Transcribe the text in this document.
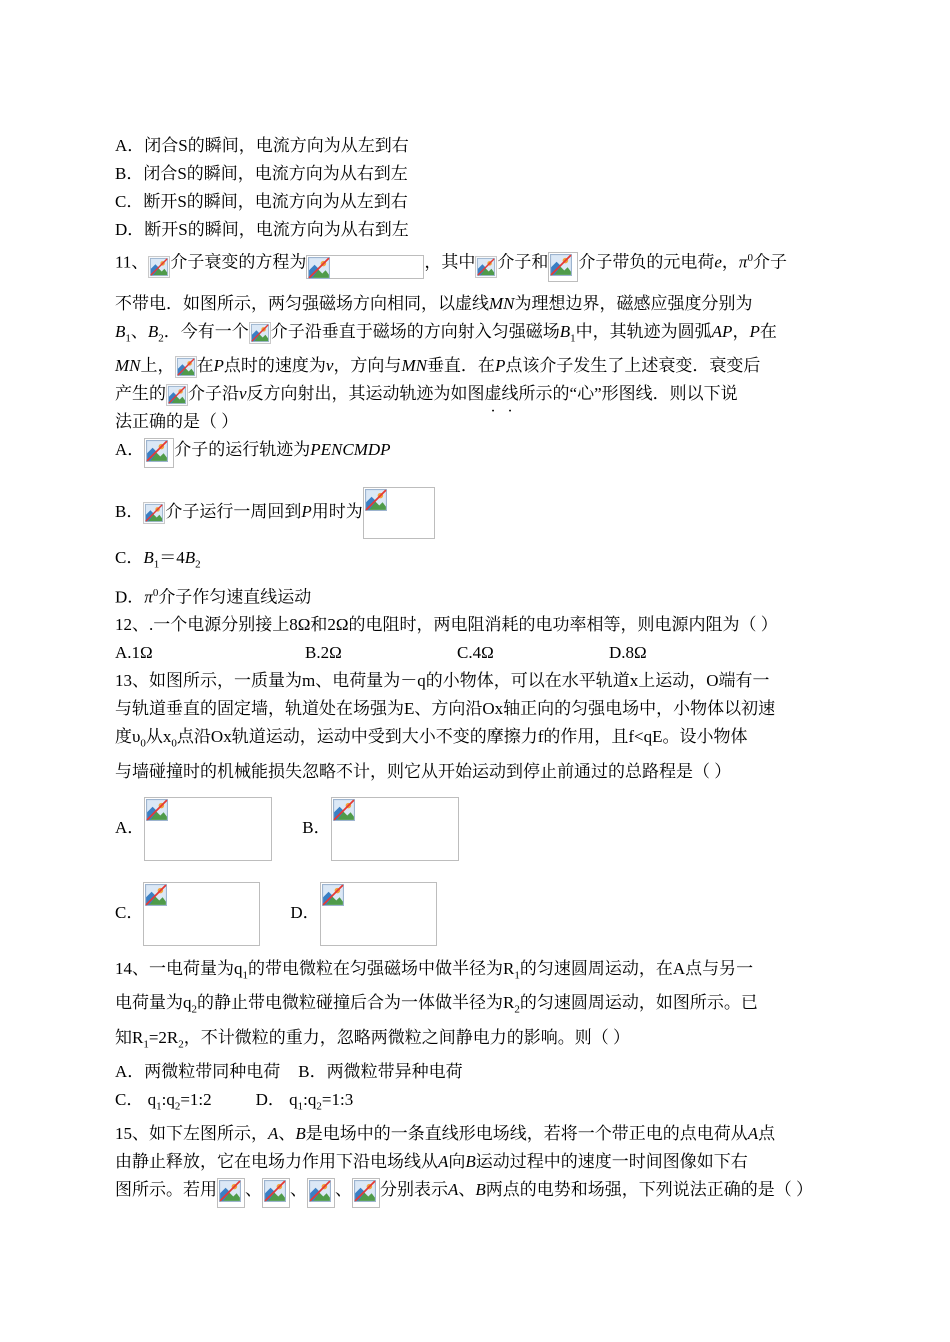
A．闭合S的瞬间，电流方向为从左到右
B．闭合S的瞬间，电流方向为从右到左
C．断开S的瞬间，电流方向为从左到右
D．断开S的瞬间，电流方向为从右到左
11、 介子衰变的方程为	，其中 介子和 介子带负的元电荷e，$\pi^0$介子
不带电．如图所示，两匀强磁场方向相同，以虚线MN为理想边界，磁感应强度分别为
$B_1$、$B_2$．今有一个 介子沿垂直于磁场的方向射入匀强磁场$B_1$中，其轨迹为圆弧AP，P在
MN上， 在P点时的速度为v，方向与MN垂直．在P点该介子发生了上述衰变．衰变后
产生的 介子沿v反方向射出，其运动轨迹为如图虚线所示的“心”形图线．则以下说
法正确的是（ ）
A． 介子的运行轨迹为PENCMDP
B． 介子运行一周回到P用时为
C．$B_1=4B_2$
D．$\pi^0$介子作匀速直线运动
12、.一个电源分别接上8Ω和2Ω的电阻时，两电阻消耗的电功率相等，则电源内阻为（ ）
A.1Ω	B.2Ω	C.4Ω	D.8Ω
13、如图所示，一质量为m、电荷量为－q的小物体，可以在水平轨道x上运动，O端有一
与轨道垂直的固定墙，轨道处在场强为E、方向沿Ox轴正向的匀强电场中，小物体以初速
度$\upsilon_0$从$x_0$点沿Ox轨道运动，运动中受到大小不变的摩擦力f的作用，且f<qE。设小物体
与墙碰撞时的机械能损失忽略不计，则它从开始运动到停止前通过的总路程是（ ）
A．	B．
C．	D．
14、一电荷量为$q_1$的带电微粒在匀强磁场中做半径为$R_1$的匀速圆周运动，在A点与另一
电荷量为$q_2$的静止带电微粒碰撞后合为一体做半径为$R_2$的匀速圆周运动，如图所示。已
知$R_1=2R_2$，不计微粒的重力，忽略两微粒之间静电力的影响。则（ ）
A．两微粒带同种电荷 B．两微粒带异种电荷
C． $q_1:q_2=1:2$	D． $q_1:q_2=1:3$
15、如下左图所示，A、B是电场中的一条直线形电场线，若将一个带正电的点电荷从A点
由静止释放，它在电场力作用下沿电场线从A向B运动过程中的速度一时间图像如下右
图所示。若用 、 、 、 分别表示A、B两点的电势和场强，下列说法正确的是（ ）
